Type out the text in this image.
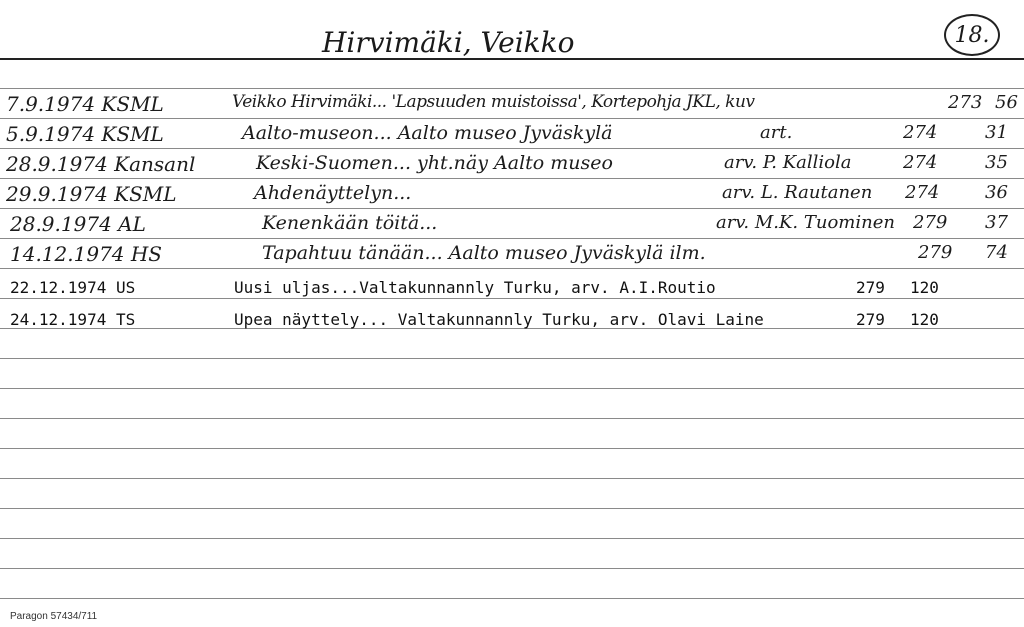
Hirvimäki, Veikko	18.
7.9.1974 KSML	Veikko Hirvimäki... 'Lapsuuden muistoissa', Kortepohja JKL, kuv	273 56
5.9.1974 KSML	Aalto-museon... Aalto museo Jyväskylä	art.	274	31
28.9.1974 Kansanl	Keski-Suomen... yht.näy Aalto museo	arv. P. Kalliola	274	35
29.9.1974 KSML	Ahdenäyttelyn...	arv. L. Rautanen 274	36
28.9.1974 AL	Kenenkään töitä...	arv. M.K. Tuominen 279 37
14.12.1974 HS	Tapahtuu tänään... Aalto museo Jyväskylä ilm.	279 74
22.12.1974 US	Uusi uljas...Valtakunnannly Turku, arv. A.I.Routio	279 120
24.12.1974 TS	Upea näyttely... Valtakunnannly Turku, arv. Olavi Laine	279 120
Paragon 57434/711
